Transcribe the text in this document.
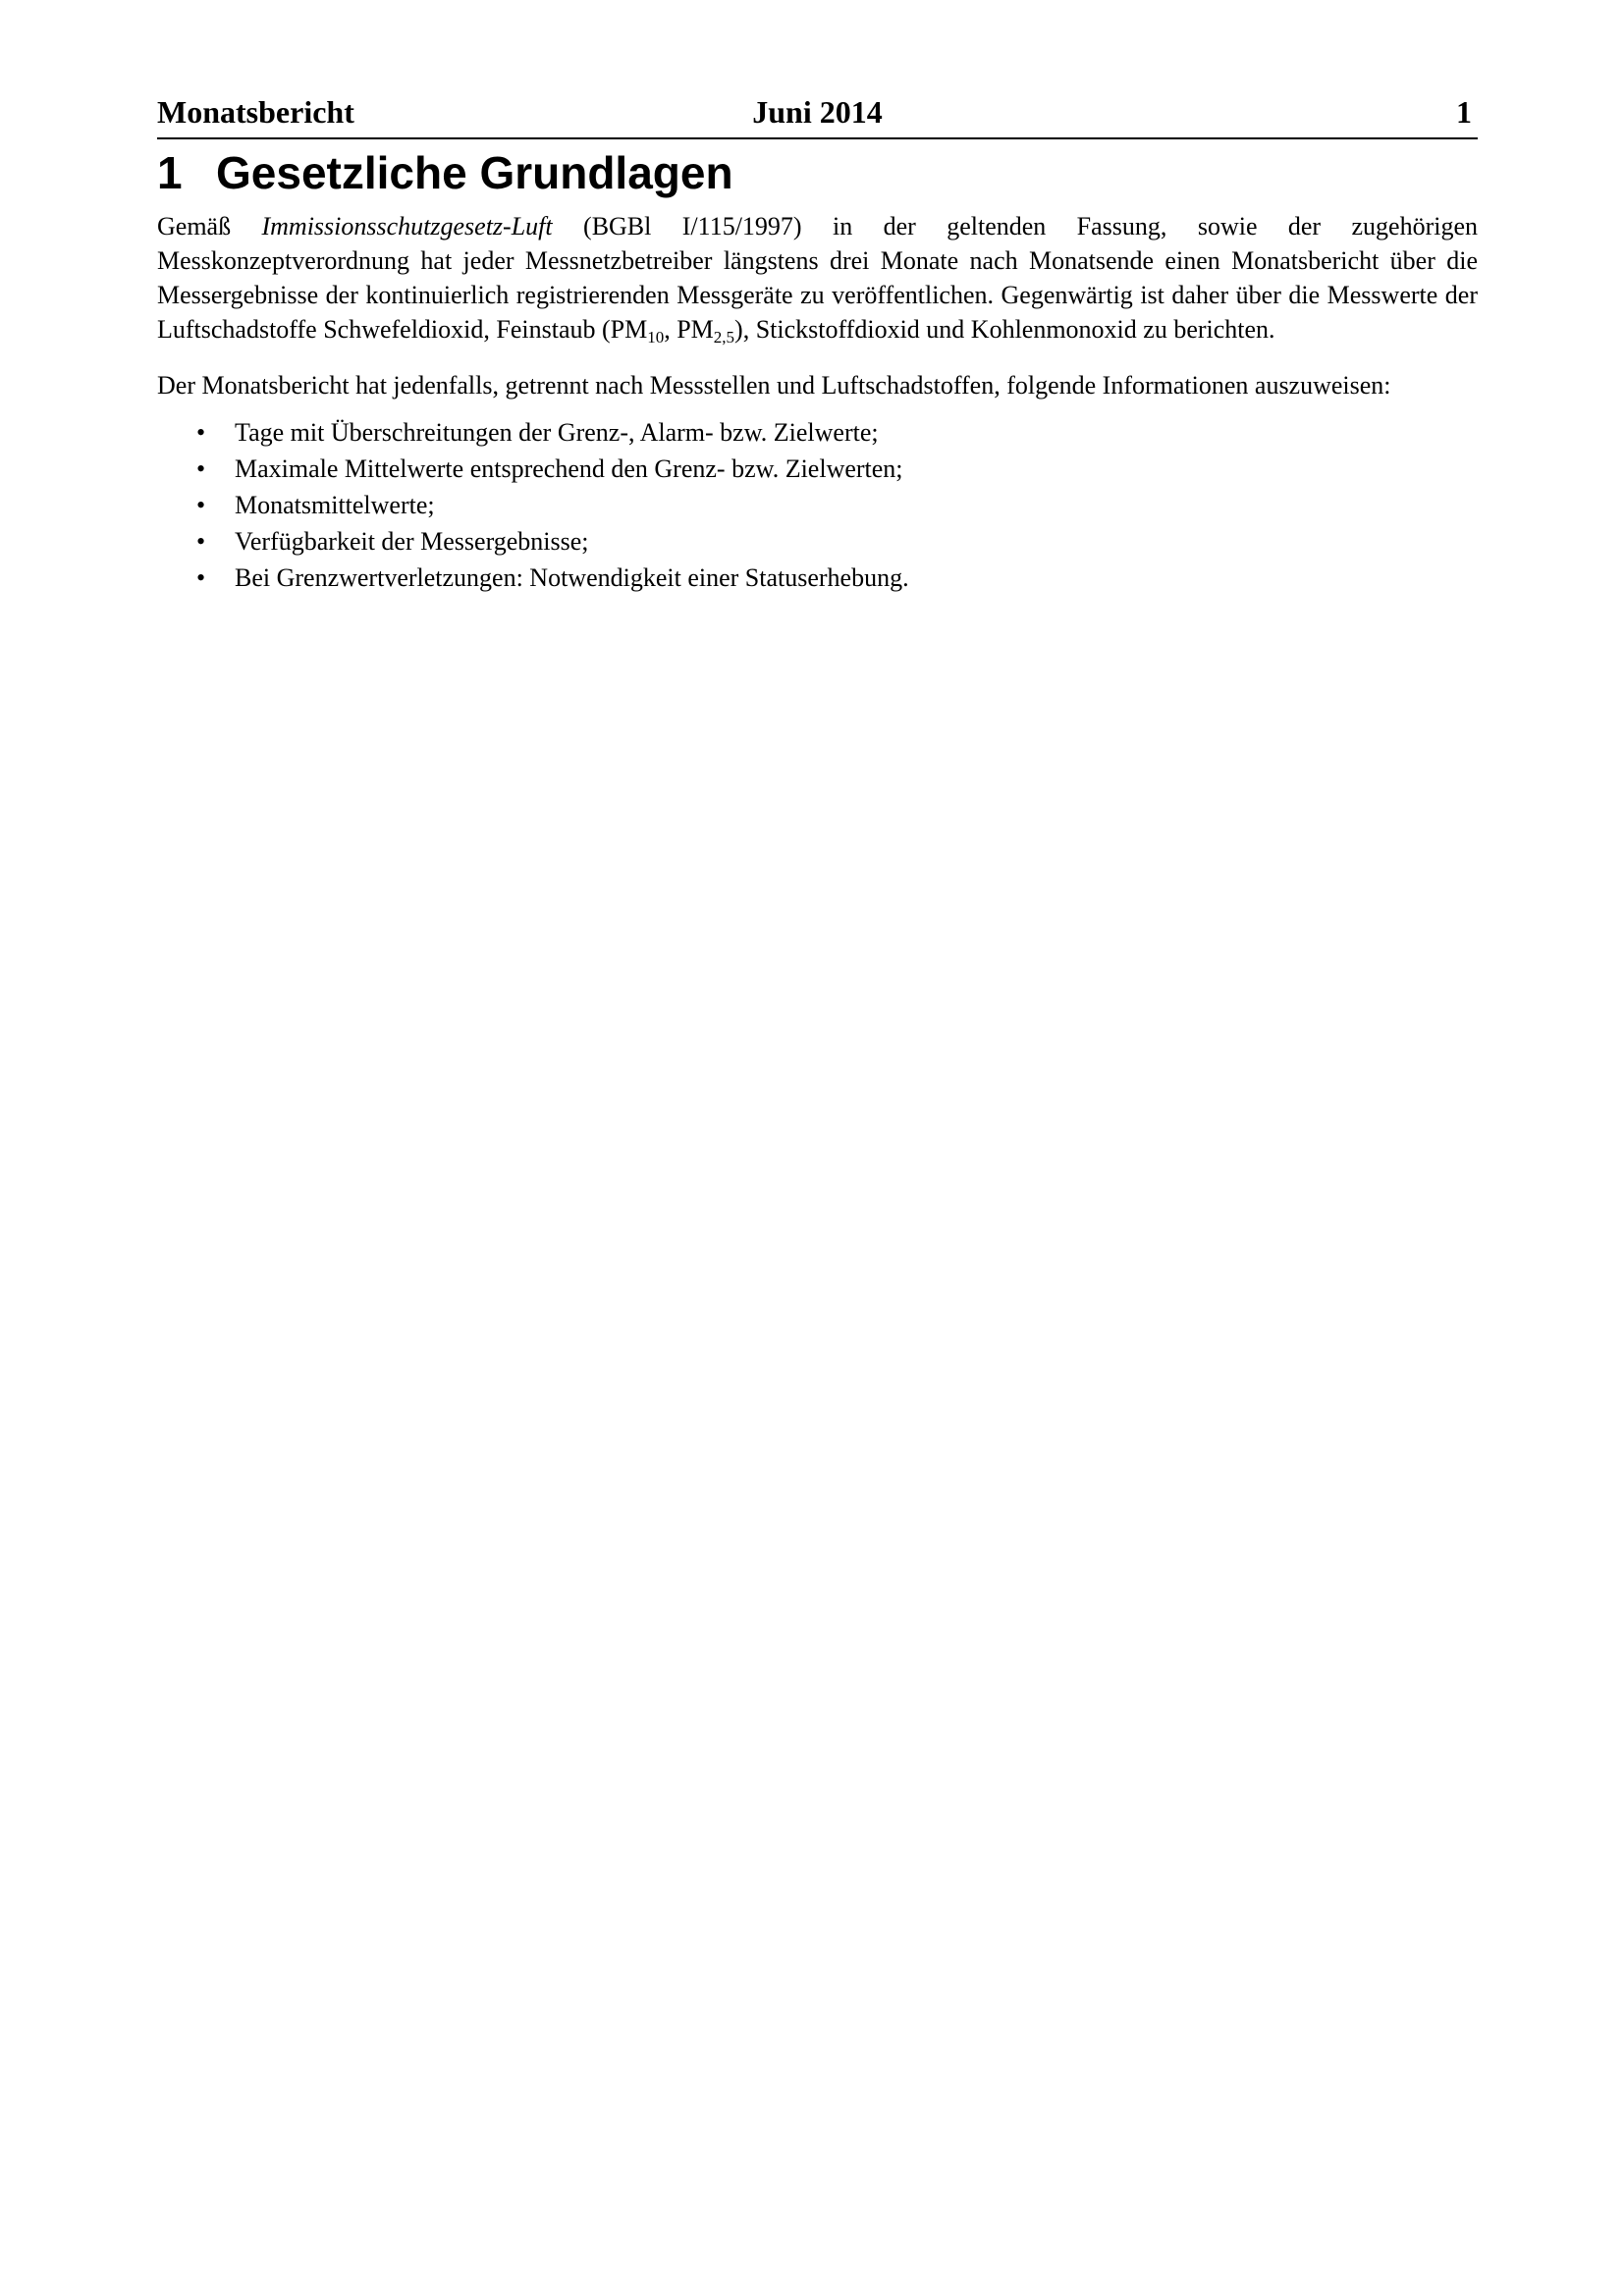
Monatsbericht	Juni 2014	1
1 Gesetzliche Grundlagen

Gemäß Immissionsschutzgesetz-Luft (BGBl I/115/1997) in der geltenden Fassung, sowie der zugehörigen Messkonzeptverordnung hat jeder Messnetzbetreiber längstens drei Monate nach Monatsende einen Monatsbericht über die Messergebnisse der kontinuierlich registrierenden Messgeräte zu veröffentlichen. Gegenwärtig ist daher über die Messwerte der Luftschadstoffe Schwefeldioxid, Feinstaub ($PM_{10}$, $PM_{2,5}$), Stickstoffdioxid und Kohlenmonoxid zu berichten.

Der Monatsbericht hat jedenfalls, getrennt nach Messstellen und Luftschadstoffen, folgende Informationen auszuweisen:

• Tage mit Überschreitungen der Grenz-, Alarm- bzw. Zielwerte;
• Maximale Mittelwerte entsprechend den Grenz- bzw. Zielwerten;
• Monatsmittelwerte;
• Verfügbarkeit der Messergebnisse;
• Bei Grenzwertverletzungen: Notwendigkeit einer Statuserhebung.
